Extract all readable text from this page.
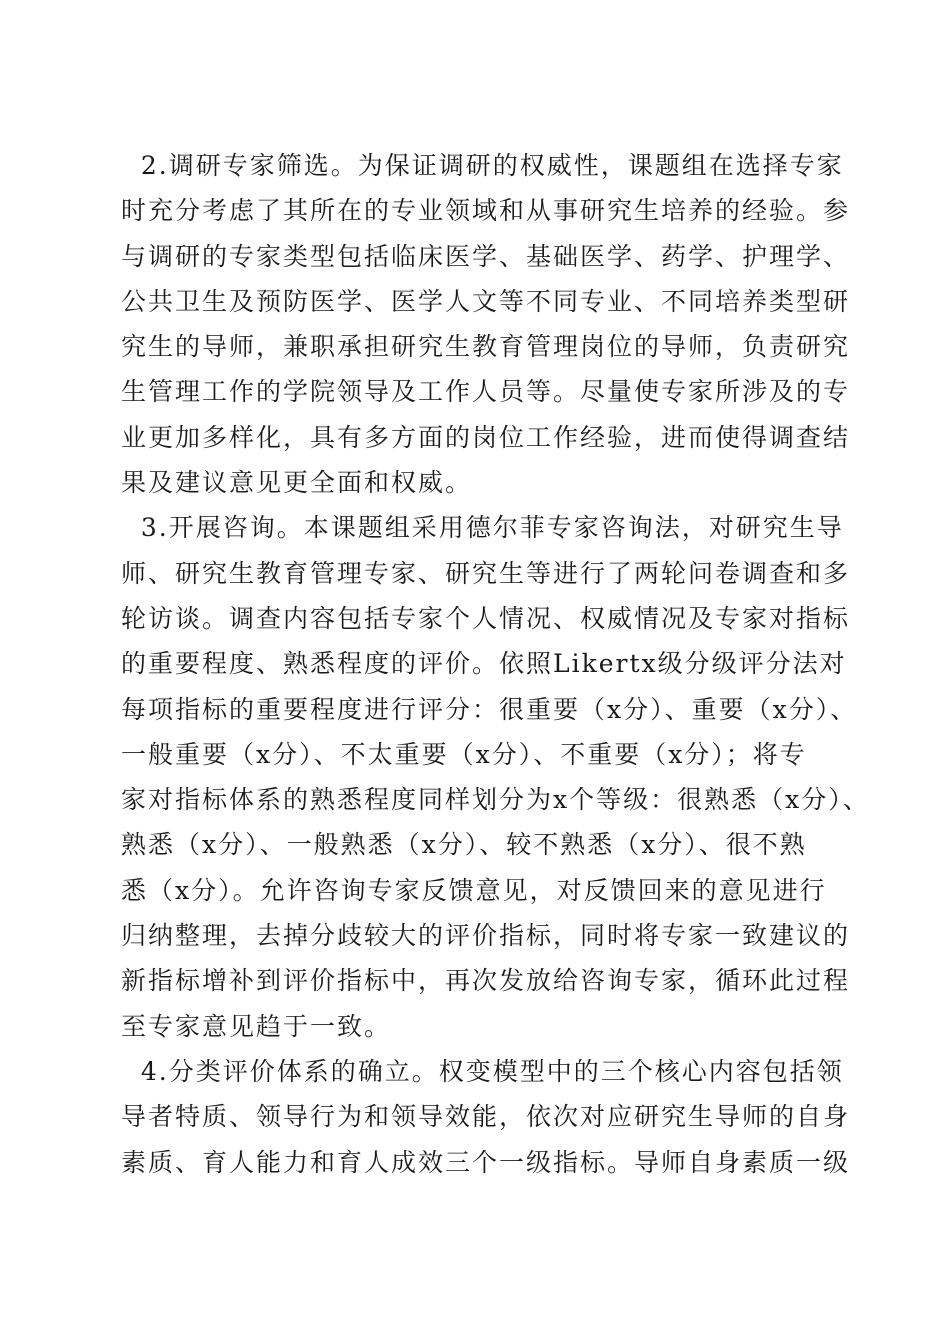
2.调研专家筛选。为保证调研的权威性，课题组在选择专家
时充分考虑了其所在的专业领域和从事研究生培养的经验。参
与调研的专家类型包括临床医学、基础医学、药学、护理学、
公共卫生及预防医学、医学人文等不同专业、不同培养类型研
究生的导师，兼职承担研究生教育管理岗位的导师，负责研究
生管理工作的学院领导及工作人员等。尽量使专家所涉及的专
业更加多样化，具有多方面的岗位工作经验，进而使得调查结
果及建议意见更全面和权威。
3.开展咨询。本课题组采用德尔菲专家咨询法，对研究生导
师、研究生教育管理专家、研究生等进行了两轮问卷调查和多
轮访谈。调查内容包括专家个人情况、权威情况及专家对指标
的重要程度、熟悉程度的评价。依照Likertx级分级评分法对
每项指标的重要程度进行评分：很重要（x分）、重要（x分）、
一般重要（x分）、不太重要（x分）、不重要（x分）；将专
家对指标体系的熟悉程度同样划分为x个等级：很熟悉（x分）、
熟悉（x分）、一般熟悉（x分）、较不熟悉（x分）、很不熟
悉（x分）。允许咨询专家反馈意见，对反馈回来的意见进行
归纳整理，去掉分歧较大的评价指标，同时将专家一致建议的
新指标增补到评价指标中，再次发放给咨询专家，循环此过程
至专家意见趋于一致。
4.分类评价体系的确立。权变模型中的三个核心内容包括领
导者特质、领导行为和领导效能，依次对应研究生导师的自身
素质、育人能力和育人成效三个一级指标。导师自身素质一级
